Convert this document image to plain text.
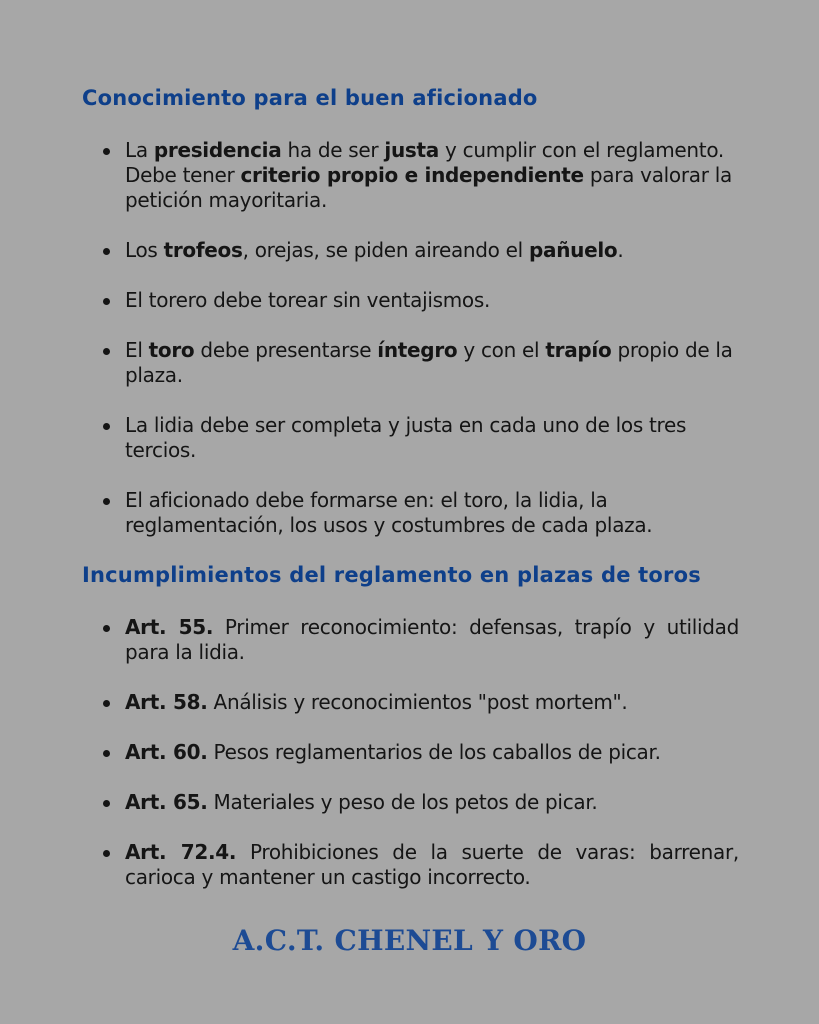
Conocimiento para el buen aficionado
La presidencia ha de ser justa y cumplir con el reglamento. Debe tener criterio propio e independiente para valorar la petición mayoritaria.
Los trofeos, orejas, se piden aireando el pañuelo.
El torero debe torear sin ventajismos.
El toro debe presentarse íntegro y con el trapío propio de la plaza.
La lidia debe ser completa y justa en cada uno de los tres tercios.
El aficionado debe formarse en: el toro, la lidia, la reglamentación, los usos y costumbres de cada plaza.
Incumplimientos del reglamento en plazas de toros
Art. 55. Primer reconocimiento: defensas, trapío y utilidad para la lidia.
Art. 58. Análisis y reconocimientos "post mortem".
Art. 60. Pesos reglamentarios de los caballos de picar.
Art. 65. Materiales y peso de los petos de picar.
Art. 72.4. Prohibiciones de la suerte de varas: barrenar, carioca y mantener un castigo incorrecto.
A.C.T. CHENEL Y ORO
